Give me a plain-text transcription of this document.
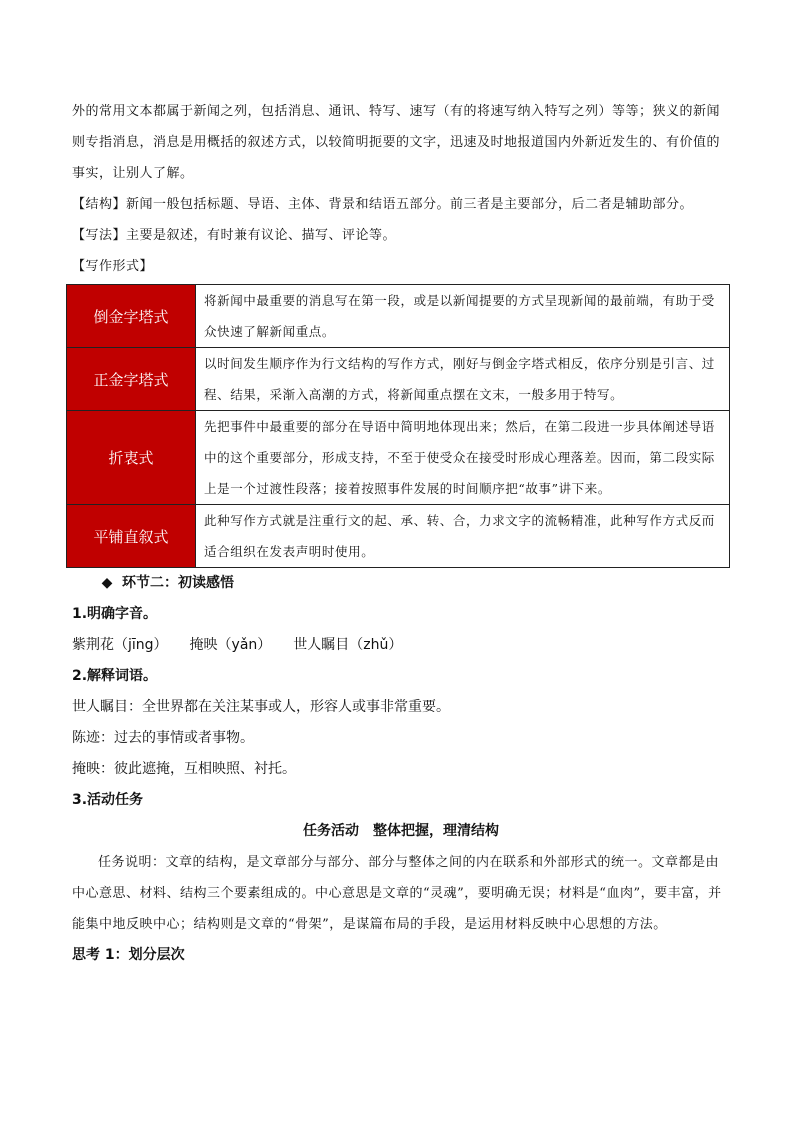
外的常用文本都属于新闻之列，包括消息、通讯、特写、速写（有的将速写纳入特写之列）等等；狭义的新闻则专指消息，消息是用概括的叙述方式，以较简明扼要的文字，迅速及时地报道国内外新近发生的、有价值的事实，让别人了解。

【结构】新闻一般包括标题、导语、主体、背景和结语五部分。前三者是主要部分，后二者是辅助部分。

【写法】主要是叙述，有时兼有议论、描写、评论等。

【写作形式】

倒金字塔式	将新闻中最重要的消息写在第一段，或是以新闻提要的方式呈现新闻的最前端，有助于受众快速了解新闻重点。
正金字塔式	以时间发生顺序作为行文结构的写作方式，刚好与倒金字塔式相反，依序分别是引言、过程、结果，采渐入高潮的方式，将新闻重点摆在文末，一般多用于特写。
折衷式	先把事件中最重要的部分在导语中简明地体现出来；然后，在第二段进一步具体阐述导语中的这个重要部分，形成支持，不至于使受众在接受时形成心理落差。因而，第二段实际上是一个过渡性段落；接着按照事件发展的时间顺序把“故事”讲下来。
平铺直叙式	此种写作方式就是注重行文的起、承、转、合，力求文字的流畅精准，此种写作方式反而适合组织在发表声明时使用。

◆ 环节二：初读感悟

1.明确字音。

紫荆花（jīng） 掩映（yǎn） 世人瞩目（zhǔ）

2.解释词语。

世人瞩目：全世界都在关注某事或人，形容人或事非常重要。

陈迹：过去的事情或者事物。

掩映：彼此遮掩，互相映照、衬托。

3.活动任务

任务活动　整体把握，理清结构

任务说明：文章的结构，是文章部分与部分、部分与整体之间的内在联系和外部形式的统一。文章都是由中心意思、材料、结构三个要素组成的。中心意思是文章的“灵魂”，要明确无误；材料是“血肉”，要丰富，并能集中地反映中心；结构则是文章的“骨架”，是谋篇布局的手段，是运用材料反映中心思想的方法。

思考 1：划分层次
